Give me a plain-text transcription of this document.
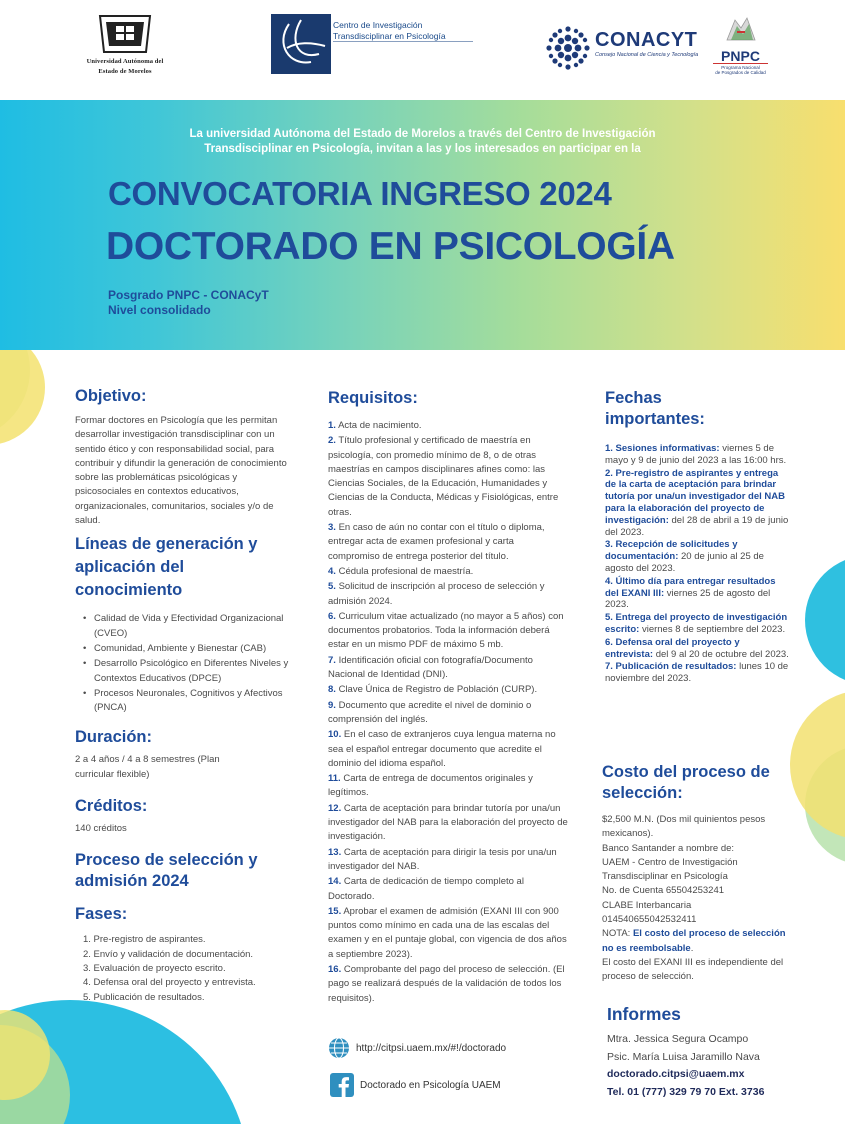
Universidad Autónoma del
Estado de Morelos
Centro de Investigación
Transdisciplinar en Psicología	CONACYT
Consejo Nacional de Ciencia y Tecnología	PNPC
Programa Nacional
de Posgrados de Calidad
La universidad Autónoma del Estado de Morelos a través del Centro de Investigación
Transdisciplinar en Psicología, invitan a las y los interesados en participar en la
CONVOCATORIA INGRESO 2024
DOCTORADO EN PSICOLOGÍA
Posgrado PNPC - CONACyT
Nivel consolidado
Objetivo:
Formar doctores en Psicología que les permitan desarrollar investigación transdisciplinar con un sentido ético y con responsabilidad social, para contribuir y difundir la generación de conocimiento sobre las problemáticas psicológicas y psicosociales en contextos educativos, organizacionales, comunitarios, sociales y/o de salud.
Líneas de generación y aplicación del conocimiento
• Calidad de Vida y Efectividad Organizacional (CVEO)
• Comunidad, Ambiente y Bienestar (CAB)
• Desarrollo Psicológico en Diferentes Niveles y Contextos Educativos (DPCE)
• Procesos Neuronales, Cognitivos y Afectivos (PNCA)
Duración:
2 a 4 años / 4 a 8 semestres (Plan curricular flexible)
Créditos:
140 créditos
Proceso de selección y admisión 2024
Fases:
1. Pre-registro de aspirantes.
2. Envío y validación de documentación.
3. Evaluación de proyecto escrito.
4. Defensa oral del proyecto y entrevista.
5. Publicación de resultados.
Requisitos:
1. Acta de nacimiento.
2. Título profesional y certificado de maestría en psicología, con promedio mínimo de 8, o de otras maestrías en campos disciplinares afines como: las Ciencias Sociales, de la Educación, Humanidades y Ciencias de la Conducta, Médicas y Fisiológicas, entre otras.
3. En caso de aún no contar con el título o diploma, entregar acta de examen profesional y carta compromiso de entrega posterior del título.
4. Cédula profesional de maestría.
5. Solicitud de inscripción al proceso de selección y admisión 2024.
6. Curriculum vitae actualizado (no mayor a 5 años) con documentos probatorios. Toda la información deberá estar en un mismo PDF de máximo 5 mb.
7. Identificación oficial con fotografía/Documento Nacional de Identidad (DNI).
8. Clave Única de Registro de Población (CURP).
9. Documento que acredite el nivel de dominio o comprensión del inglés.
10. En el caso de extranjeros cuya lengua materna no sea el español entregar documento que acredite el dominio del idioma español.
11. Carta de entrega de documentos originales y legítimos.
12. Carta de aceptación para brindar tutoría por una/un investigador del NAB para la elaboración del proyecto de investigación.
13. Carta de aceptación para dirigir la tesis por una/un investigador del NAB.
14. Carta de dedicación de tiempo completo al Doctorado.
15. Aprobar el examen de admisión (EXANI III con 900 puntos como mínimo en cada una de las escalas del examen y en el puntaje global, con vigencia de dos años a septiembre 2023).
16. Comprobante del pago del proceso de selección. (El pago se realizará después de la validación de todos los requisitos).
http://citpsi.uaem.mx/#!/doctorado
Doctorado en Psicología UAEM
Fechas
importantes:
1. Sesiones informativas: viernes 5 de mayo y 9 de junio del 2023 a las 16:00 hrs.
2. Pre-registro de aspirantes y entrega de la carta de aceptación para brindar tutoría por una/un investigador del NAB para la elaboración del proyecto de investigación: del 28 de abril a 19 de junio del 2023.
3. Recepción de solicitudes y documentación: 20 de junio al 25 de agosto del 2023.
4. Último día para entregar resultados del EXANI III: viernes 25 de agosto del 2023.
5. Entrega del proyecto de investigación escrito: viernes 8 de septiembre del 2023.
6. Defensa oral del proyecto y entrevista: del 9 al 20 de octubre del 2023.
7. Publicación de resultados: lunes 10 de noviembre del 2023.
Costo del proceso de selección:
$2,500 M.N. (Dos mil quinientos pesos mexicanos).
Banco Santander a nombre de:
UAEM - Centro de Investigación Transdisciplinar en Psicología
No. de Cuenta 65504253241
CLABE Interbancaria
014540655042532411
NOTA: El costo del proceso de selección no es reembolsable.
El costo del EXANI III es independiente del proceso de selección.
Informes
Mtra. Jessica Segura Ocampo
Psic. María Luisa Jaramillo Nava
doctorado.citpsi@uaem.mx
Tel. 01 (777) 329 79 70 Ext. 3736
